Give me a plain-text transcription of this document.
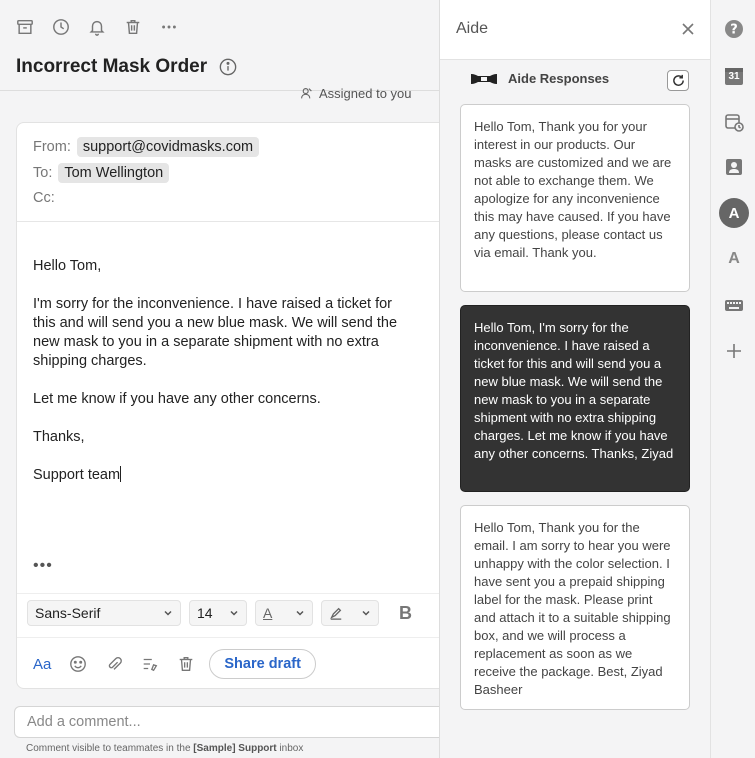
Incorrect Mask Order
Assigned to you
From: support@covidmasks.com
To: Tom Wellington
Cc:

Hello Tom,

I'm sorry for the inconvenience. I have raised a ticket for this and will send you a new blue mask. We will send the new mask to you in a separate shipment with no extra shipping charges.

Let me know if you have any other concerns.

Thanks,

Support team

•••
Sans-Serif	14	A	B
Aa	Share draft
Add a comment...
Comment visible to teammates in the [Sample] Support inbox
Aide
Aide Responses
Hello Tom, Thank you for your interest in our products. Our masks are customized and we are not able to exchange them. We apologize for any inconvenience this may have caused. If you have any questions, please contact us via email. Thank you.
Hello Tom, I'm sorry for the inconvenience. I have raised a ticket for this and will send you a new blue mask. We will send the new mask to you in a separate shipment with no extra shipping charges. Let me know if you have any other concerns. Thanks, Ziyad
Hello Tom, Thank you for the email. I am sorry to hear you were unhappy with the color selection. I have sent you a prepaid shipping label for the mask. Please print and attach it to a suitable shipping box, and we will process a replacement as soon as we receive the package. Best, Ziyad Basheer
?
31
A
A
